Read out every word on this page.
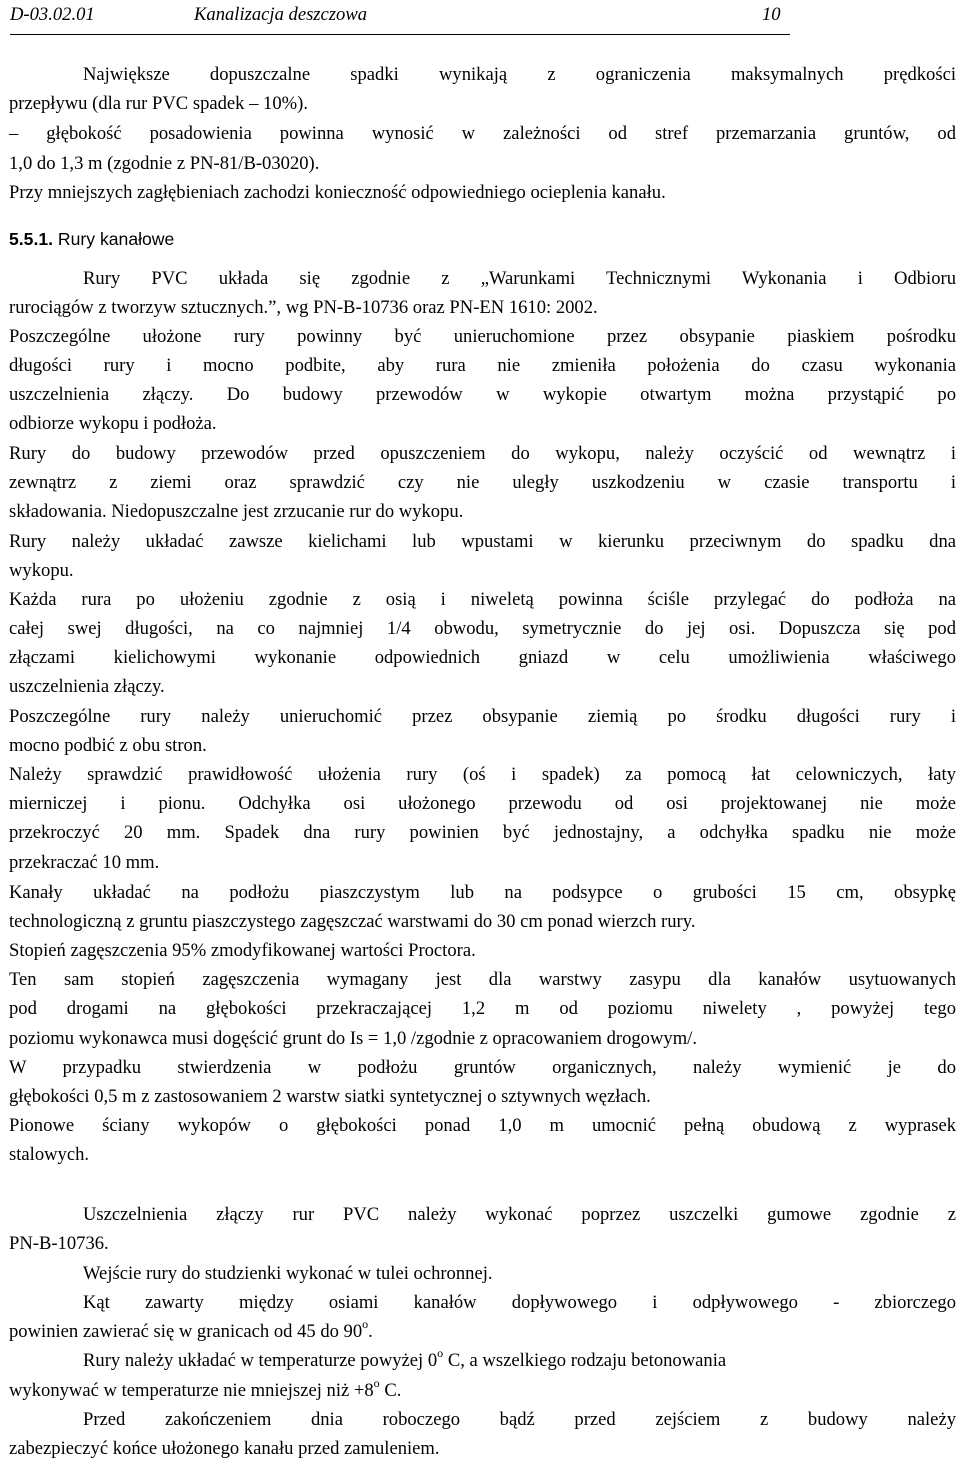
D-03.02.01	Kanalizacja deszczowa	10
Największe dopuszczalne spadki wynikają z ograniczenia maksymalnych prędkości
przepływu (dla rur PVC spadek – 10%).
– głębokość posadowienia powinna wynosić w zależności od stref przemarzania gruntów, od
1,0 do 1,3 m (zgodnie z PN-81/B-03020).
Przy mniejszych zagłębieniach zachodzi konieczność odpowiedniego ocieplenia kanału.
5.5.1. Rury kanałowe
Rury PVC układa się zgodnie z „Warunkami Technicznymi Wykonania i Odbioru
rurociągów z tworzyw sztucznych.”, wg PN-B-10736 oraz PN-EN 1610: 2002.
Poszczególne ułożone rury powinny być unieruchomione przez obsypanie piaskiem pośrodku
długości rury i mocno podbite, aby rura nie zmieniła położenia do czasu wykonania
uszczelnienia złączy. Do budowy przewodów w wykopie otwartym można przystąpić po
odbiorze wykopu i podłoża.
Rury do budowy przewodów przed opuszczeniem do wykopu, należy oczyścić od wewnątrz i
zewnątrz z ziemi oraz sprawdzić czy nie uległy uszkodzeniu w czasie transportu i
składowania. Niedopuszczalne jest zrzucanie rur do wykopu.
Rury należy układać zawsze kielichami lub wpustami w kierunku przeciwnym do spadku dna
wykopu.
Każda rura po ułożeniu zgodnie z osią i niweletą powinna ściśle przylegać do podłoża na
całej swej długości, na co najmniej 1/4 obwodu, symetrycznie do jej osi. Dopuszcza się pod
złączami kielichowymi wykonanie odpowiednich gniazd w celu umożliwienia właściwego
uszczelnienia złączy.
Poszczególne rury należy unieruchomić przez obsypanie ziemią po środku długości rury i
mocno podbić z obu stron.
Należy sprawdzić prawidłowość ułożenia rury (oś i spadek) za pomocą łat celowniczych, łaty
mierniczej i pionu. Odchyłka osi ułożonego przewodu od osi projektowanej nie może
przekroczyć 20 mm. Spadek dna rury powinien być jednostajny, a odchyłka spadku nie może
przekraczać 10 mm.
Kanały układać na podłożu piaszczystym lub na podsypce o grubości 15 cm, obsypkę
technologiczną z gruntu piaszczystego zagęszczać warstwami do 30 cm ponad wierzch rury.
Stopień zagęszczenia 95% zmodyfikowanej wartości Proctora.
Ten sam stopień zagęszczenia wymagany jest dla warstwy zasypu dla kanałów usytuowanych
pod drogami na głębokości przekraczającej 1,2 m od poziomu niwelety , powyżej tego
poziomu wykonawca musi dogęścić grunt do Is = 1,0 /zgodnie z opracowaniem drogowym/.
W przypadku stwierdzenia w podłożu gruntów organicznych, należy wymienić je do
głębokości 0,5 m z zastosowaniem 2 warstw siatki syntetycznej o sztywnych węzłach.
Pionowe ściany wykopów o głębokości ponad 1,0 m umocnić pełną obudową z wyprasek
stalowych.
Uszczelnienia złączy rur PVC należy wykonać poprzez uszczelki gumowe zgodnie z
PN-B-10736.
Wejście rury do studzienki wykonać w tulei ochronnej.
Kąt zawarty między osiami kanałów dopływowego i odpływowego - zbiorczego
powinien zawierać się w granicach od 45 do 90$^o$.
Rury należy układać w temperaturze powyżej 0$^o$ C, a wszelkiego rodzaju betonowania
wykonywać w temperaturze nie mniejszej niż $+8^o$ C.
Przed zakończeniem dnia roboczego bądź przed zejściem z budowy należy
zabezpieczyć końce ułożonego kanału przed zamuleniem.
